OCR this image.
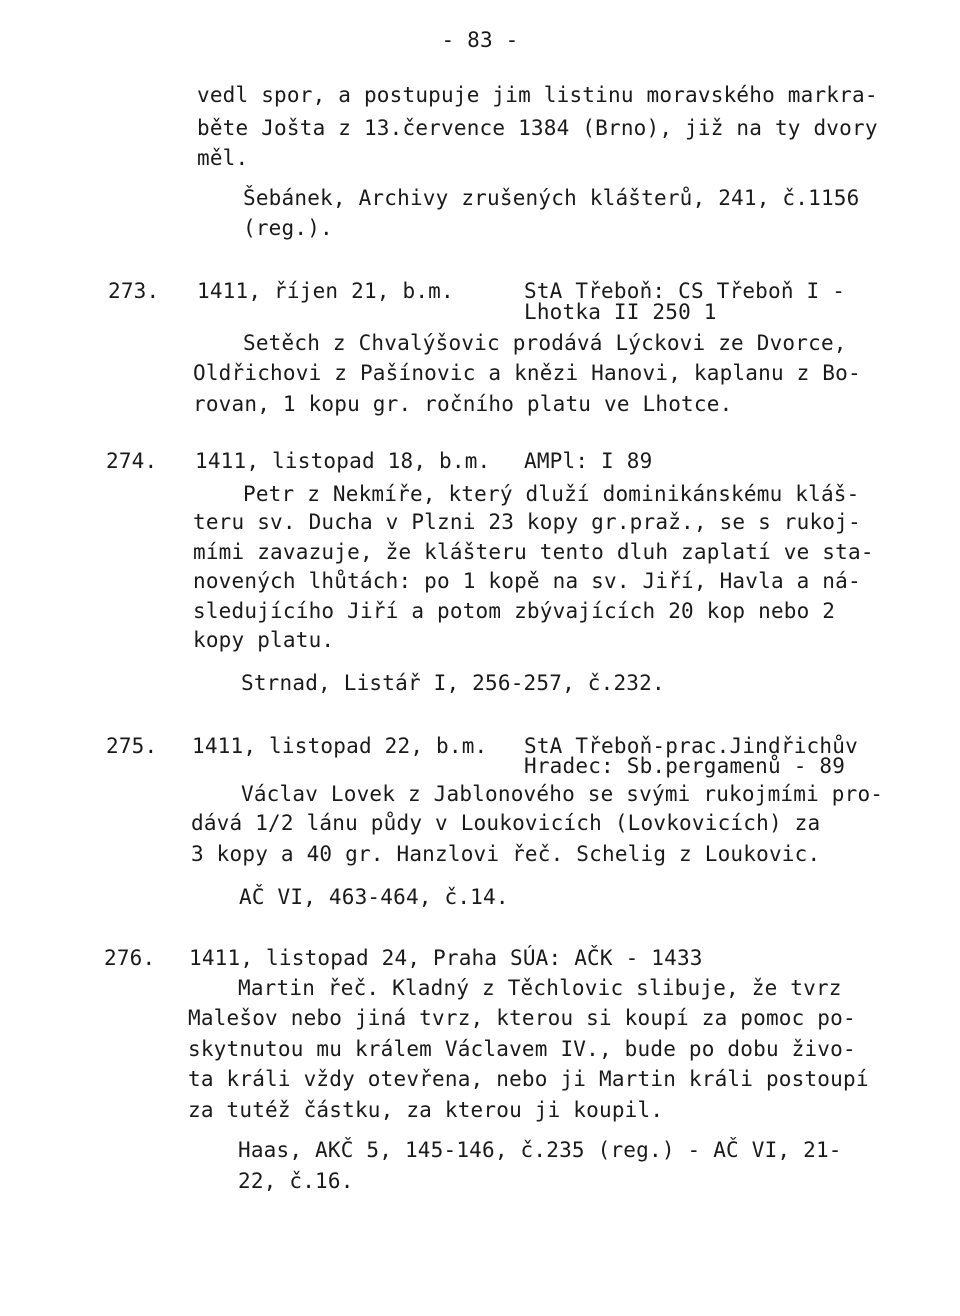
- 83 -
vedl spor, a postupuje jim listinu moravského markra-
běte Jošta z 13.července 1384 (Brno), již na ty dvory
měl.
Šebánek, Archivy zrušených klášterů, 241, č.1156
(reg.).
273. 1411, říjen 21, b.m.	StA Třeboň: CS Třeboň I -
Lhotka II 250 1
Setěch z Chvalýšovic prodává Lýckovi ze Dvorce,
Oldřichovi z Pašínovic a knězi Hanovi, kaplanu z Bo-
rovan, 1 kopu gr. ročního platu ve Lhotce.
274. 1411, listopad 18, b.m. AMPl: I 89
Petr z Nekmíře, který dluží dominikánskému kláš-
teru sv. Ducha v Plzni 23 kopy gr.praž., se s rukoj-
mími zavazuje, že klášteru tento dluh zaplatí ve sta-
novených lhůtách: po 1 kopě na sv. Jiří, Havla a ná-
sledujícího Jiří a potom zbývajících 20 kop nebo 2
kopy platu.
Strnad, Listář I, 256-257, č.232.
275. 1411, listopad 22, b.m. StA Třeboň-prac.Jindřichův
Hradec: Sb.pergamenů - 89
Václav Lovek z Jablonového se svými rukojmími pro-
dává 1/2 lánu půdy v Loukovicích (Lovkovicích) za
3 kopy a 40 gr. Hanzlovi řeč. Schelig z Loukovic.
AČ VI, 463-464, č.14.
276. 1411, listopad 24, Praha SÚA: AČK - 1433
Martin řeč. Kladný z Těchlovic slibuje, že tvrz
Malešov nebo jiná tvrz, kterou si koupí za pomoc po-
skytnutou mu králem Václavem IV., bude po dobu živo-
ta králi vždy otevřena, nebo ji Martin králi postoupí
za tutéž částku, za kterou ji koupil.
Haas, AKČ 5, 145-146, č.235 (reg.) - AČ VI, 21-
22, č.16.
